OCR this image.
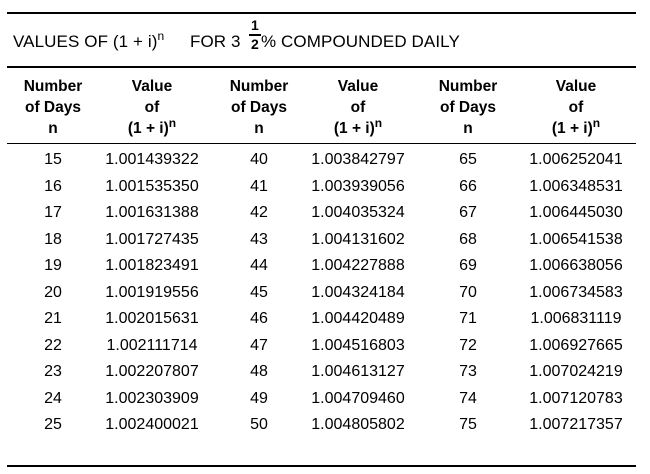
VALUES OF $(1 + i)^n$ FOR 3
1
2 % COMPOUNDED DAILY
Number
of Days
n
Value
of
$(1 + i)^n$
Number
of Days
n
Value
of
$(1 + i)^n$
Number
of Days
n
Value
of
$(1 + i)^n$
15
16
17
18
19
20
21
22
23
24
25
1.001439322
1.001535350
1.001631388
1.001727435
1.001823491
1.001919556
1.002015631
1.002111714
1.002207807
1.002303909
1.002400021
40
41
42
43
44
45
46
47
48
49
50
1.003842797
1.003939056
1.004035324
1.004131602
1.004227888
1.004324184
1.004420489
1.004516803
1.004613127
1.004709460
1.004805802
65
66
67
68
69
70
71
72
73
74
75
1.006252041
1.006348531
1.006445030
1.006541538
1.006638056
1.006734583
1.006831119
1.006927665
1.007024219
1.007120783
1.007217357
